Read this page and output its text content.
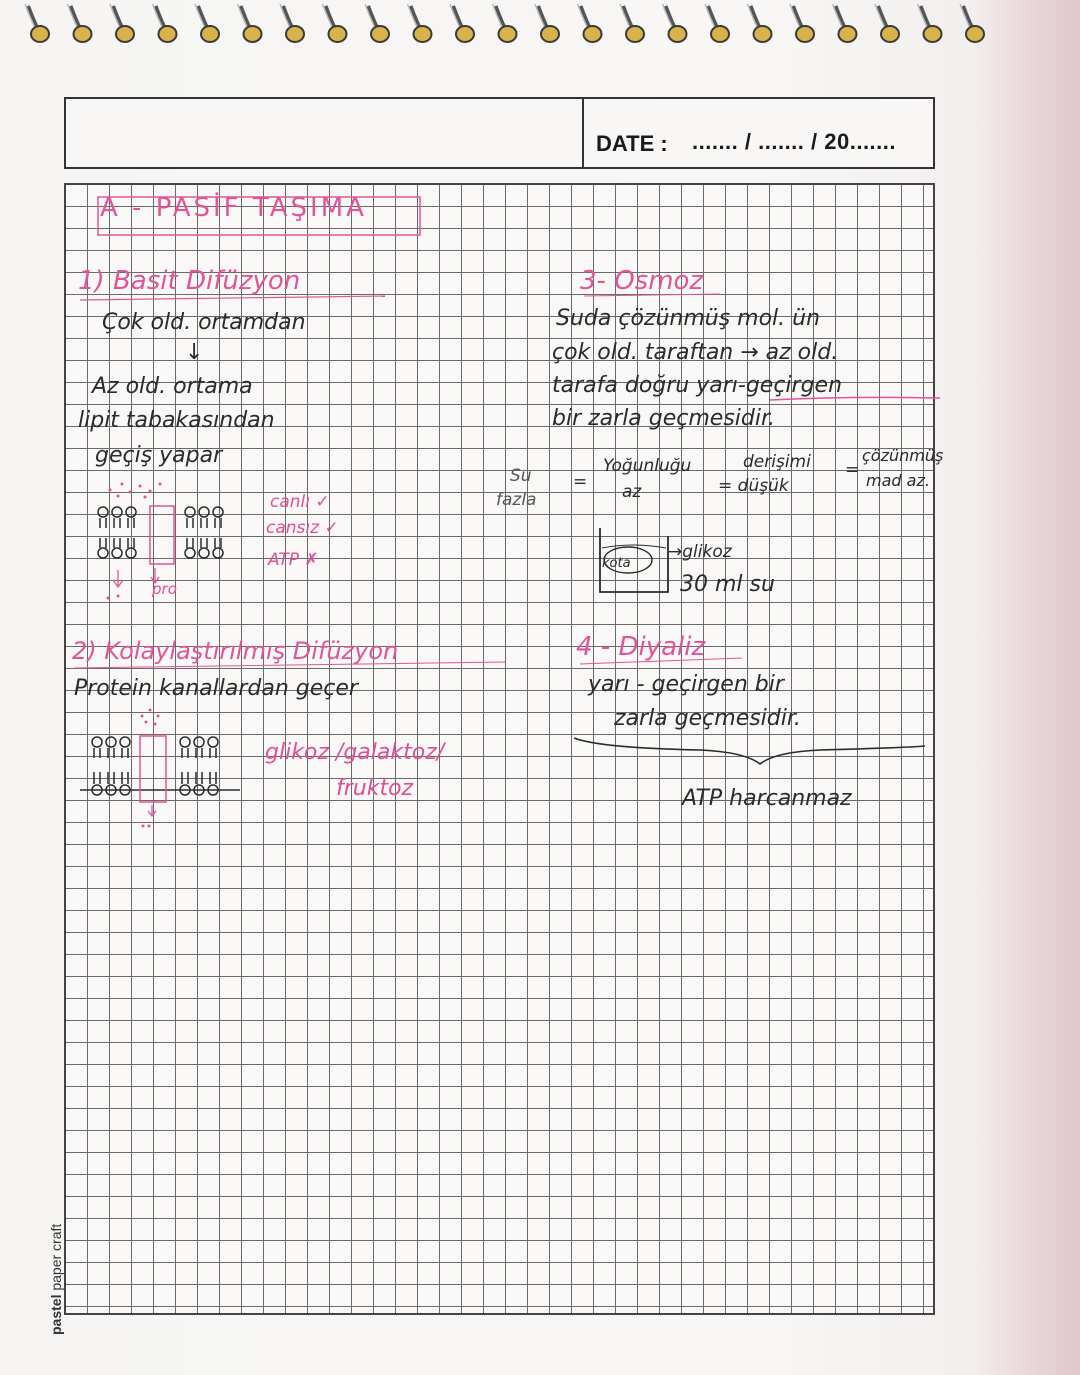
DATE : ....... / ....... / 20.......
pastel paper craft
A - PASİF TAŞIMA
1) Basit Difüzyon
Çok old. ortamdan
↓
Az old. ortama
lipit tabakasından
geçiş yapar
canlı ✓
cansız ✓
ATP ✗
pro
2) Kolaylaştırılmış Difüzyon
Protein kanallardan geçer
glikoz /galaktoz/
fruktoz
3- Osmoz
Suda çözünmüş mol. ün
çok old. taraftan → az old.
tarafa doğru yarı-geçirgen
bir zarla geçmesidir.
Su
fazla
=
Yoğunluğu
az
derişimi
= düşük
çözünmüş
mad az.
=
kota
→glikoz
30 ml su
4 - Diyaliz
yarı - geçirgen bir
zarla geçmesidir.
ATP harcanmaz
